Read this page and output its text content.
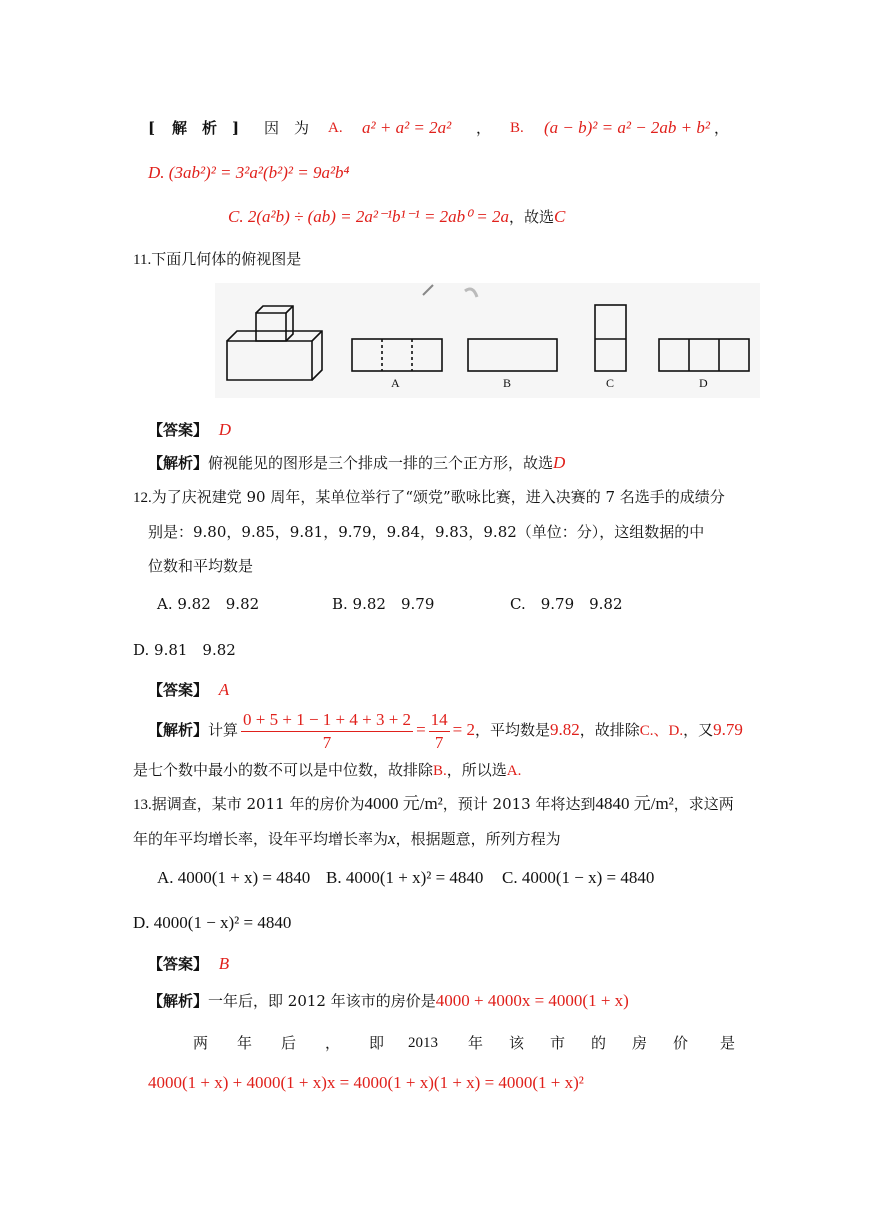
[ 解 析 ] 因 为 A. a² + a² = 2a² ， B. (a − b)² = a² − 2ab + b² ，
D. (3ab²)² = 3²a²(b²)² = 9a²b⁴
C. 2(a²b) ÷ (ab) = 2a²⁻¹b¹⁻¹ = 2ab⁰ = 2a，故选C
11.下面几何体的俯视图是
A	B	C	D
【答案】 D
【解析】俯视能见的图形是三个排成一排的三个正方形，故选D
12.为了庆祝建党 90 周年，某单位举行了“颂党”歌咏比赛，进入决赛的 7 名选手的成绩分
别是：9.80，9.85，9.81，9.79，9.84，9.83，9.82（单位：分），这组数据的中
位数和平均数是
A. 9.82　9.82	B. 9.82　9.79	C.　9.79　9.82
D. 9.81　9.82
【答案】 A
【解析】计算 $\frac{0 + 5 + 1 - 1 + 4 + 3 + 2}{7} = \frac{14}{7} = 2$，平均数是9.82，故排除C.、D.，又9.79
是七个数中最小的数不可以是中位数，故排除B.，所以选A.
13.据调查，某市 2011 年的房价为4000 元/m²，预计 2013 年将达到4840 元/m²，求这两
年的年平均增长率，设年平均增长率为x，根据题意，所列方程为
A. 4000(1 + x) = 4840 B. 4000(1 + x)² = 4840 C. 4000(1 − x) = 4840
D. 4000(1 − x)² = 4840
【答案】 B
【解析】一年后，即 2012 年该市的房价是4000 + 4000x = 4000(1 + x)
两 年 后 ， 即 2013 年 该 市 的 房 价 是
4000(1 + x) + 4000(1 + x)x = 4000(1 + x)(1 + x) = 4000(1 + x)²
